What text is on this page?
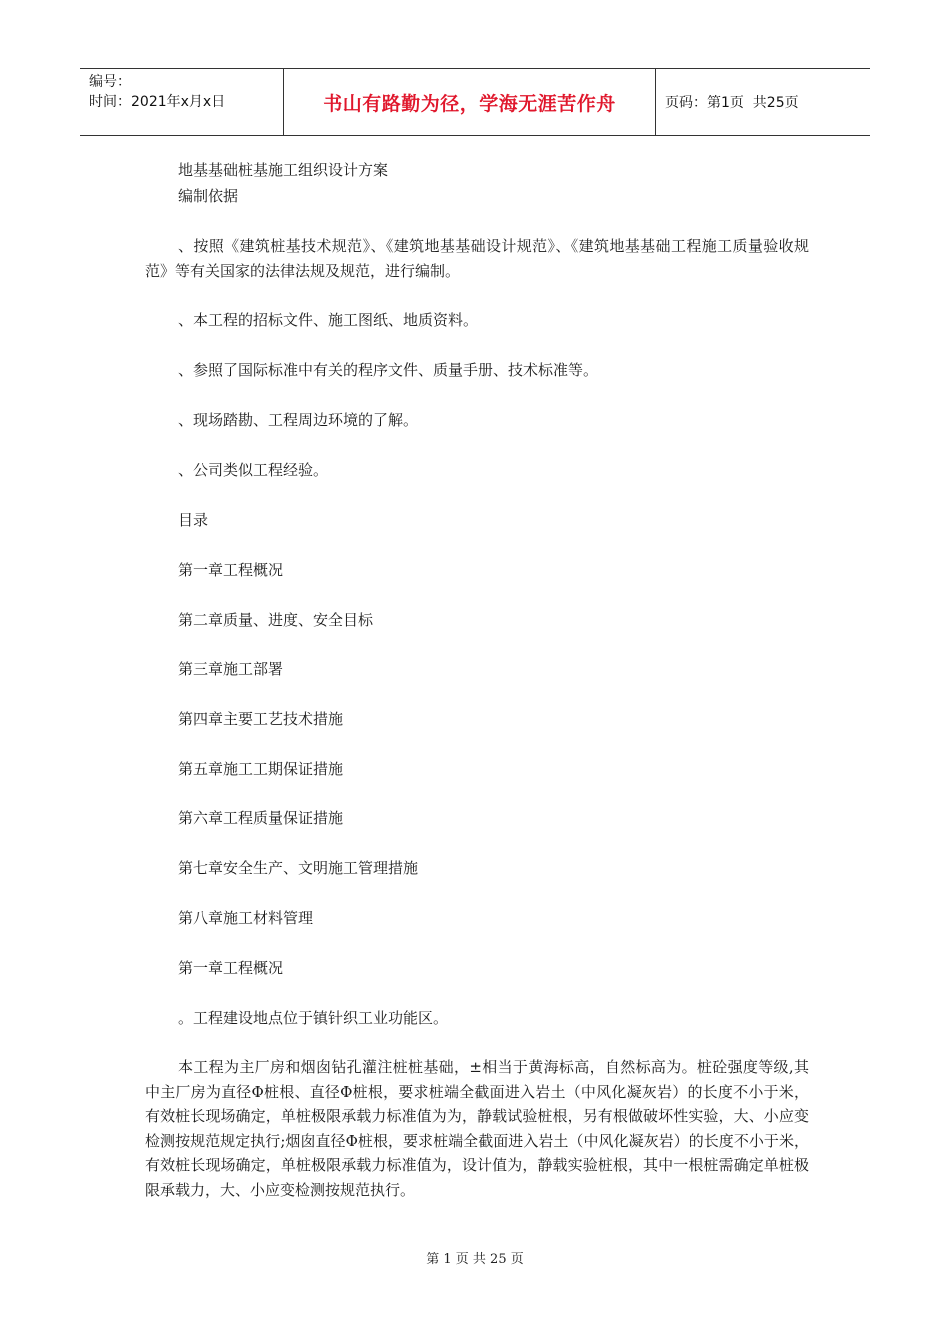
编号：
时间：2021年x月x日	书山有路勤为径，学海无涯苦作舟	页码：第1页  共25页
地基基础桩基施工组织设计方案
编制依据

、按照《建筑桩基技术规范》、《建筑地基基础设计规范》、《建筑地基基础工程施工质量验收规范》等有关国家的法律法规及规范，进行编制。

、本工程的招标文件、施工图纸、地质资料。
、参照了国际标准中有关的程序文件、质量手册、技术标准等。
、现场踏勘、工程周边环境的了解。
、公司类似工程经验。
目录
第一章工程概况
第二章质量、进度、安全目标
第三章施工部署
第四章主要工艺技术措施
第五章施工工期保证措施
第六章工程质量保证措施
第七章安全生产、文明施工管理措施
第八章施工材料管理
第一章工程概况
。工程建设地点位于镇针织工业功能区。

本工程为主厂房和烟囱钻孔灌注桩桩基础，±相当于黄海标高，自然标高为。桩砼强度等级,其中主厂房为直径Φ桩根、直径Φ桩根，要求桩端全截面进入岩土（中风化凝灰岩）的长度不小于米，有效桩长现场确定，单桩极限承载力标准值为为，静载试验桩根，另有根做破坏性实验，大、小应变检测按规范规定执行;烟囱直径Φ桩根，要求桩端全截面进入岩土（中风化凝灰岩）的长度不小于米，有效桩长现场确定，单桩极限承载力标准值为，设计值为，静载实验桩根，其中一根桩需确定单桩极限承载力，大、小应变检测按规范执行。

第 1 页 共 25 页
